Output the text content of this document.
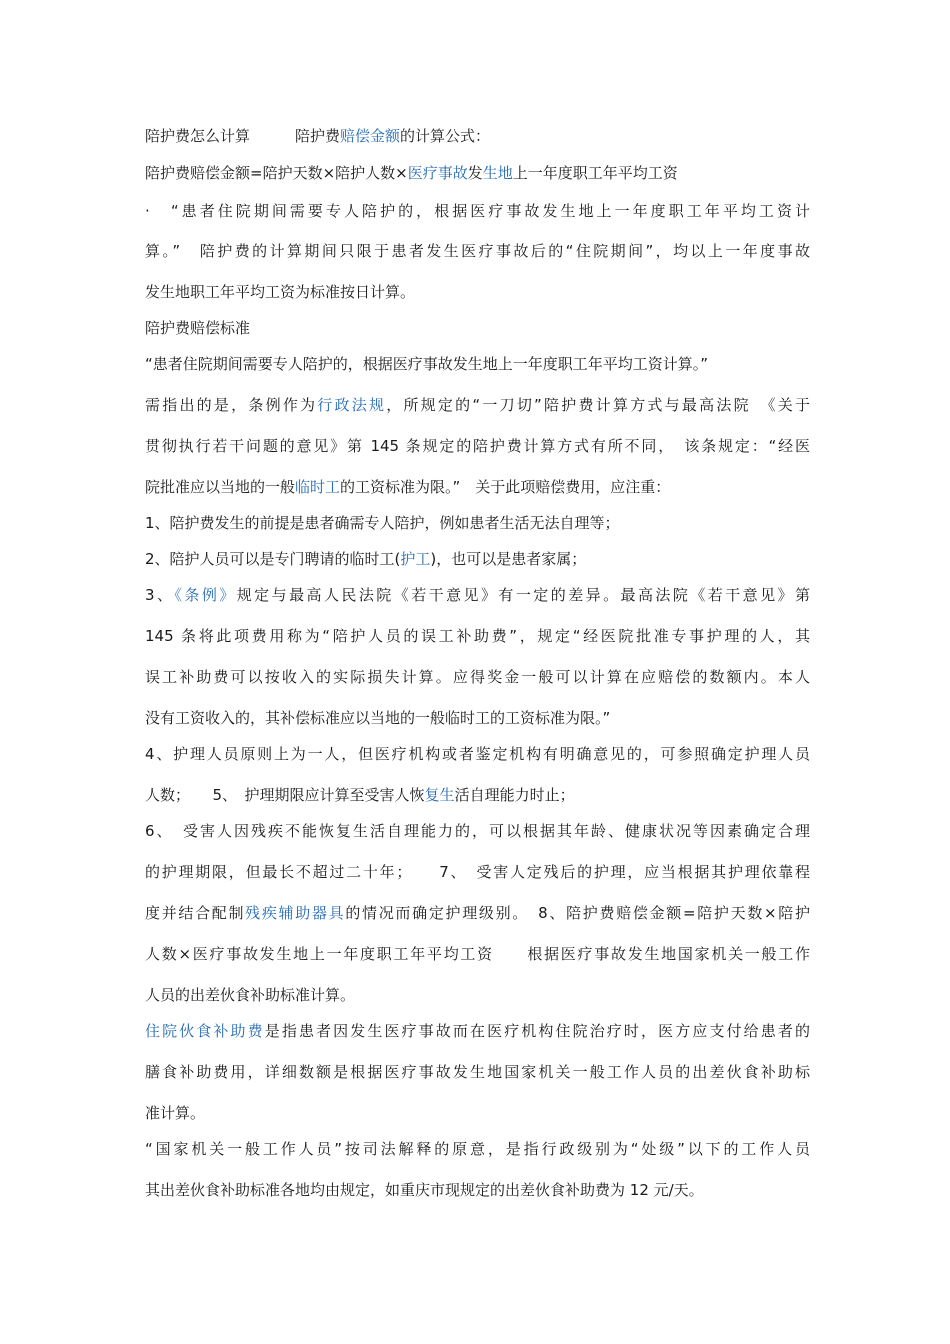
陪护费怎么计算　　　陪护费赔偿金额的计算公式：
陪护费赔偿金额=陪护天数×陪护人数×医疗事故发生地上一年度职工年平均工资
·　“患者住院期间需要专人陪护的，根据医疗事故发生地上一年度职工年平均工资计
算。”　陪护费的计算期间只限于患者发生医疗事故后的“住院期间”，均以上一年度事故
发生地职工年平均工资为标准按日计算。
陪护费赔偿标准
“患者住院期间需要专人陪护的，根据医疗事故发生地上一年度职工年平均工资计算。”
需指出的是，条例作为行政法规，所规定的“一刀切”陪护费计算方式与最高法院　《关于
贯彻执行若干问题的意见》第 145 条规定的陪护费计算方式有所不同，　该条规定：“经医
院批准应以当地的一般临时工的工资标准为限。”　关于此项赔偿费用，应注重：
1、陪护费发生的前提是患者确需专人陪护，例如患者生活无法自理等；
2、陪护人员可以是专门聘请的临时工(护工)，也可以是患者家属；
3、《条例》规定与最高人民法院《若干意见》有一定的差异。最高法院《若干意见》第
145 条将此项费用称为“陪护人员的误工补助费”，规定“经医院批准专事护理的人，其
误工补助费可以按收入的实际损失计算。应得奖金一般可以计算在应赔偿的数额内。本人
没有工资收入的，其补偿标准应以当地的一般临时工的工资标准为限。”
4、护理人员原则上为一人，但医疗机构或者鉴定机构有明确意见的，可参照确定护理人员
人数；　　5、　护理期限应计算至受害人恢复生活自理能力时止；
6、　受害人因残疾不能恢复生活自理能力的，可以根据其年龄、健康状况等因素确定合理
的护理期限，但最长不超过二十年；　　7、　受害人定残后的护理，应当根据其护理依靠程
度并结合配制残疾辅助器具的情况而确定护理级别。　8、陪护费赔偿金额=陪护天数×陪护
人数×医疗事故发生地上一年度职工年平均工资　　根据医疗事故发生地国家机关一般工作
人员的出差伙食补助标准计算。
住院伙食补助费是指患者因发生医疗事故而在医疗机构住院治疗时，医方应支付给患者的
膳食补助费用，详细数额是根据医疗事故发生地国家机关一般工作人员的出差伙食补助标
准计算。
“国家机关一般工作人员”按司法解释的原意，是指行政级别为“处级”以下的工作人员
其出差伙食补助标准各地均由规定，如重庆市现规定的出差伙食补助费为 12 元/天。
